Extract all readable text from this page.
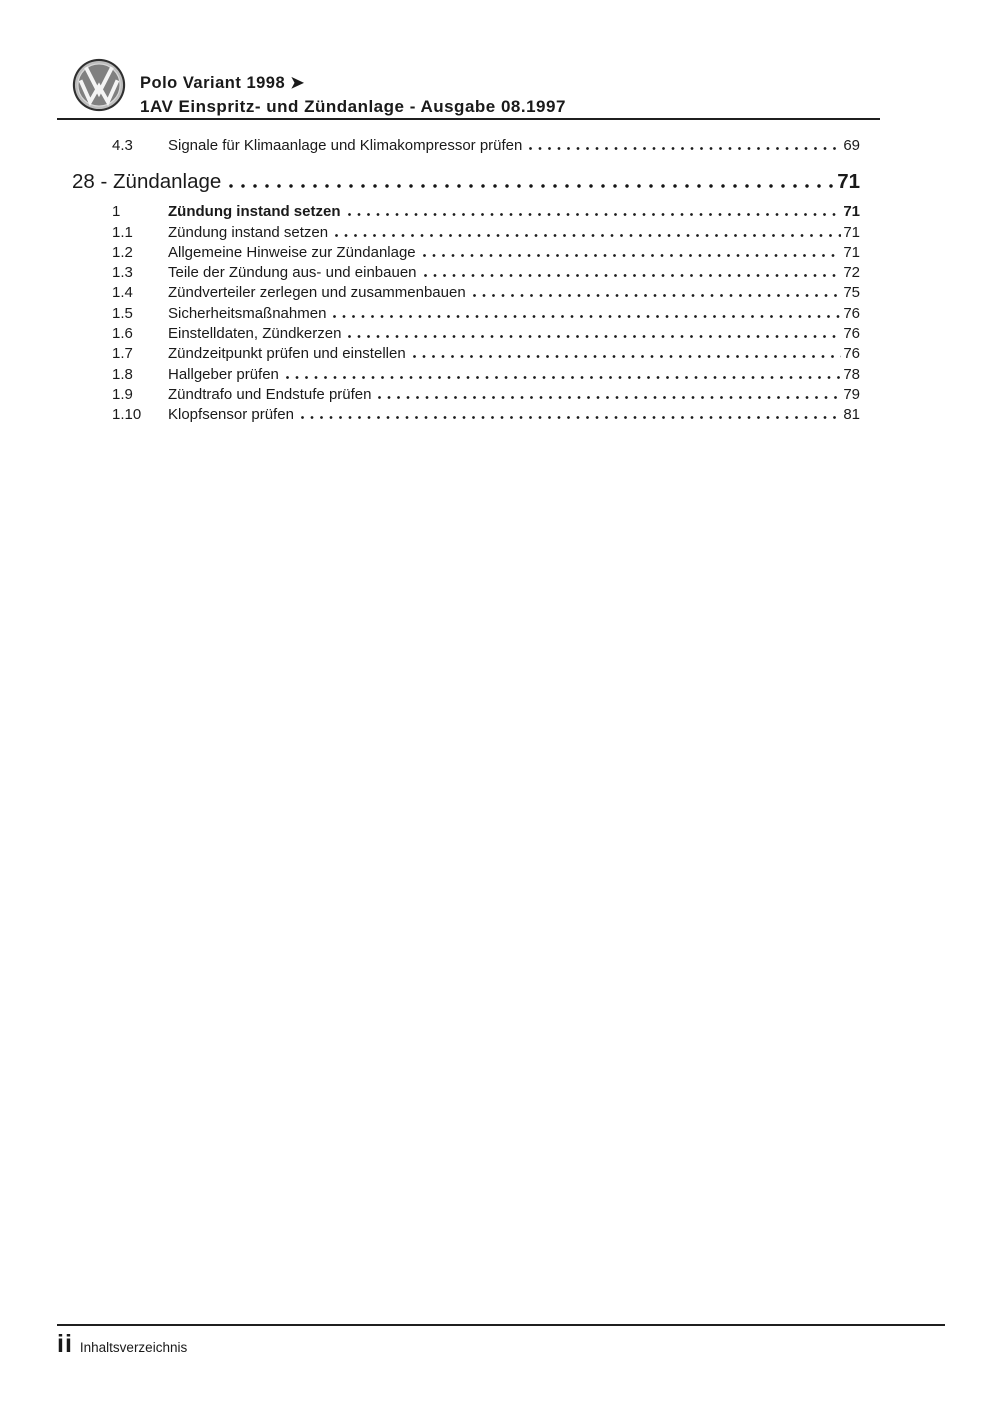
Polo Variant 1998 ➤
1AV Einspritz- und Zündanlage - Ausgabe 08.1997
4.3	Signale für Klimaanlage und Klimakompressor prüfen	69
28 - Zündanlage	71
1	Zündung instand setzen	71
1.1	Zündung instand setzen	71
1.2	Allgemeine Hinweise zur Zündanlage	71
1.3	Teile der Zündung aus- und einbauen	72
1.4	Zündverteiler zerlegen und zusammenbauen	75
1.5	Sicherheitsmaßnahmen	76
1.6	Einstelldaten, Zündkerzen	76
1.7	Zündzeitpunkt prüfen und einstellen	76
1.8	Hallgeber prüfen	78
1.9	Zündtrafo und Endstufe prüfen	79
1.10	Klopfsensor prüfen	81
ii Inhaltsverzeichnis
